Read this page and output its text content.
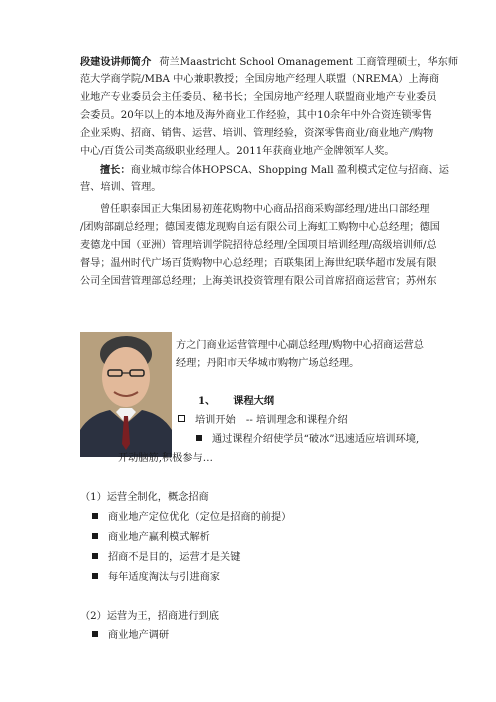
段建设讲师简介 荷兰Maastricht School Omanagement 工商管理硕士，华东师

范大学商学院/MBA 中心兼职教授；全国房地产经理人联盟（NREMA）上海商

业地产专业委员会主任委员、秘书长；全国房地产经理人联盟商业地产专业委员

会委员。20年以上的本地及海外商业工作经验，其中10余年中外合资连锁零售

企业采购、招商、销售、运营、培训、管理经验，资深零售商业/商业地产/购物

中心/百货公司类高级职业经理人。2011年获商业地产金牌领军人奖。

擅长：商业城市综合体HOPSCA、Shopping Mall 盈利模式定位与招商、运

营、培训、管理。

曾任职泰国正大集团易初莲花购物中心商品招商采购部经理/进出口部经理

/团购部副总经理；德国麦德龙现购自运有限公司上海虹工购物中心总经理；德国

麦德龙中国（亚洲）管理培训学院招待总经理/全国项目培训经理/高级培训师/总

督导；温州时代广场百货购物中心总经理；百联集团上海世纪联华超市发展有限

公司全国营管理部总经理；上海美讯投资管理有限公司首席招商运营官；苏州东

方之门商业运营管理中心副总经理/购物中心招商运营总

经理；丹阳市天华城市购物广场总经理。

1、 课程大纲

培训开始　-- 培训理念和课程介绍

通过课程介绍使学员“破冰”迅速适应培训环境,

开动脑筋,积极参与…

（1）运营全制化，概念招商

商业地产定位优化（定位是招商的前提）

商业地产赢利模式解析

招商不是目的，运营才是关键

每年适度淘汰与引进商家

（2）运营为王，招商进行到底

商业地产调研
